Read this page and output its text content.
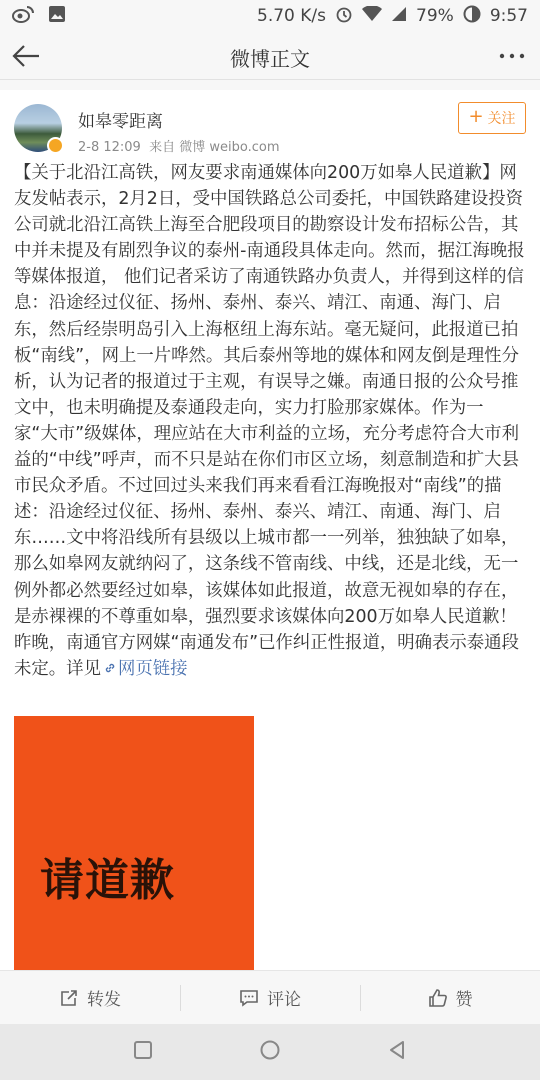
5.70 K/s	79% 9:57
微博正文
如皋零距离
2-8 12:09 来自 微博 weibo.com
+ 关注
【关于北沿江高铁，网友要求南通媒体向200万如皋人民道歉】网友发帖表示，2月2日，受中国铁路总公司委托，中国铁路建设投资公司就北沿江高铁上海至合肥段项目的勘察设计发布招标公告，其中并未提及有剧烈争议的泰州-南通段具体走向。然而，据江海晚报等媒体报道， 他们记者采访了南通铁路办负责人，并得到这样的信息：沿途经过仪征、扬州、泰州、泰兴、靖江、南通、海门、启东，然后经崇明岛引入上海枢纽上海东站。毫无疑问，此报道已拍板“南线”，网上一片哗然。其后泰州等地的媒体和网友倒是理性分析，认为记者的报道过于主观，有误导之嫌。南通日报的公众号推文中，也未明确提及泰通段走向，实力打脸那家媒体。作为一家“大市”级媒体，理应站在大市利益的立场，充分考虑符合大市利益的“中线”呼声，而不只是站在你们市区立场，刻意制造和扩大县市民众矛盾。不过回过头来我们再来看看江海晚报对“南线”的描述：沿途经过仪征、扬州、泰州、泰兴、靖江、南通、海门、启东……文中将沿线所有县级以上城市都一一列举，独独缺了如皋，那么如皋网友就纳闷了，这条线不管南线、中线，还是北线，无一例外都必然要经过如皋，该媒体如此报道，故意无视如皋的存在，是赤裸裸的不尊重如皋，强烈要求该媒体向200万如皋人民道歉！ 昨晚，南通官方网媒“南通发布”已作纠正性报道，明确表示泰通段未定。详见 网页链接
请道歉
转发	评论	赞
